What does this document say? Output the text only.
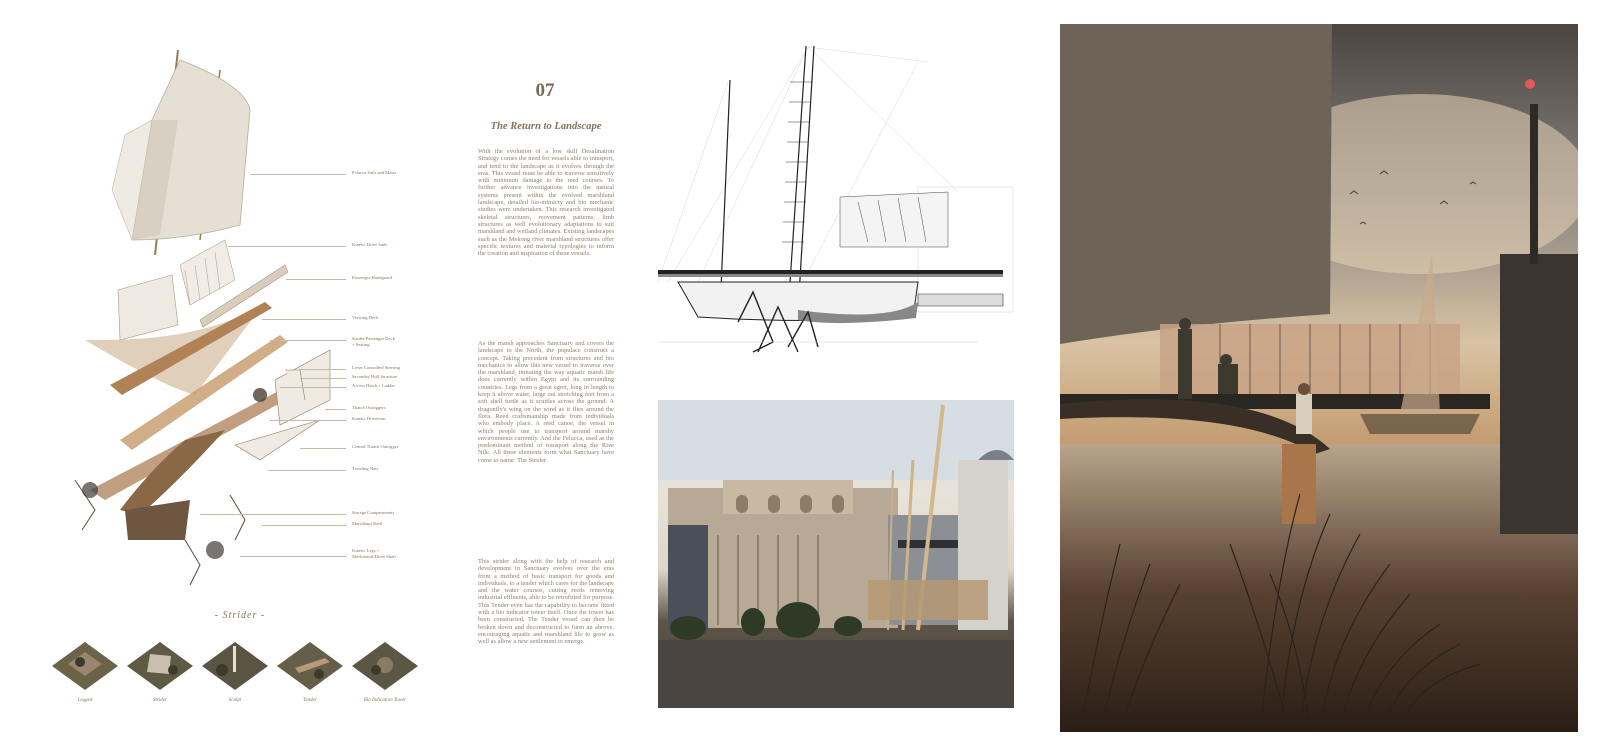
Felucca Sails and Masts
Kinetic Drive Sails
Passenger Handguard
Viewing Deck
Strider Passenger Deck
+ Seating
Lever Controlled Steering
Seconday Hull Structure
Access Hatch + Ladder
Thatch Outriggers
Kinetic Drivetrain
Central Thatch Outrigger
Trawling Nets
Storage Compartments
Marshland Shell
Kinetic Legs +
Mechanical Drive Shaft
- Strider -
Legged	Strider	Sculpt	Tender	Bio Indication Tower
07
The Return to Landscape
With the evolution of a low skill Desalination Strategy comes the need for vessels able to transport, and tend to the landscape as it evolves through the eras. This vessel must be able to traverse sensitively with minimum damage to the reed courses. To further advance investigations into the natural systems present within the evolved marshland landscape, detailed bio-mimicry and bio mechanic studies were undertaken. This research investigated skeletal structures, movement patterns, limb structures as well evolutionary adaptations to suit marshland and wetland climates. Existing landscapes such as the Mekong river marshland structures offer specific textures and material typologies to inform the creation and inspiration of these vessels.
As the marsh approaches Sanctuary and covers the landscape to the North, the populace construct a concept. Taking precedent from structures and bio mechanics to allow this new vessel to traverse over the marshland, imitating the way aquatic marsh life does currently within Egypt and its surrounding countries. Legs from a great egret, long in length to keep it above water, large out stretching feet from a soft shell turtle as it scuttles across the ground. A dragonfly's wing on the wind as it flies around the flora. Reed craftsmanship made from individuals who embody place. A reed canoe, the vessel in which people use to transport around marshy environments currently. And the Felucca, used as the predominant method of transport along the Rive Nile. All these elements form what Sanctuary have come to name: The Strider
This strider along with the help of research and development in Sanctuary evolves over the eras from a method of basic transport for goods and individuals, to a tender which cares for the landscape and the water courses, cutting reeds removing industrial effluents, able to be retrofitted for purpose. This Tender even has the capability to become fitted with a bio indicator tower itself. Once the tower has been constructed, The Tender vessel can then be broken down and deconstructed to form an abrove, encouraging aquatic and marshland life to grow as well as allow a new settlement to emerge.
